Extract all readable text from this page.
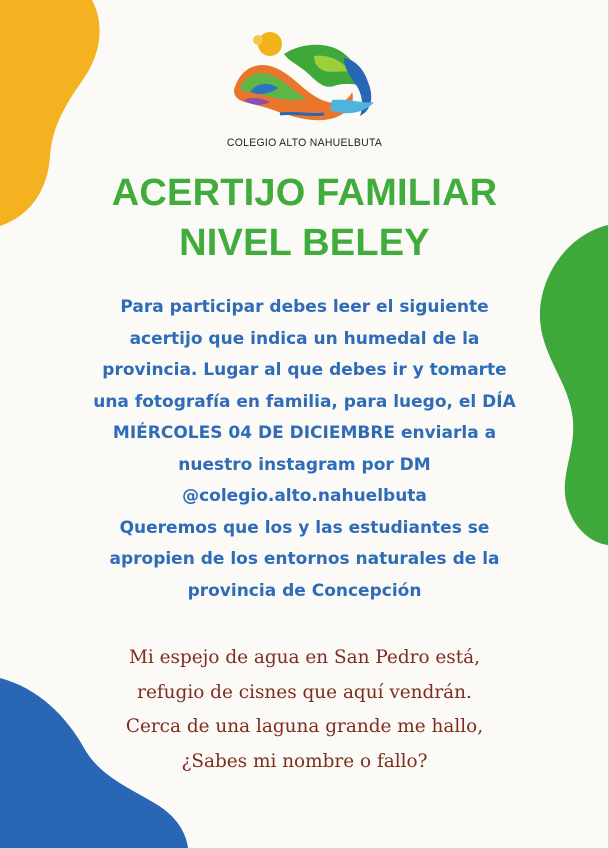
COLEGIO ALTO NAHUELBUTA
ACERTIJO FAMILIAR
NIVEL BELEY
Para participar debes leer el siguiente
acertijo que indica un humedal de la
provincia. Lugar al que debes ir y tomarte
una fotografía en familia, para luego, el DÍA
MIÉRCOLES 04 DE DICIEMBRE enviarla a
nuestro instagram por DM
@colegio.alto.nahuelbuta
Queremos que los y las estudiantes se
apropien de los entornos naturales de la
provincia de Concepción
Mi espejo de agua en San Pedro está,
refugio de cisnes que aquí vendrán.
Cerca de una laguna grande me hallo,
¿Sabes mi nombre o fallo?
